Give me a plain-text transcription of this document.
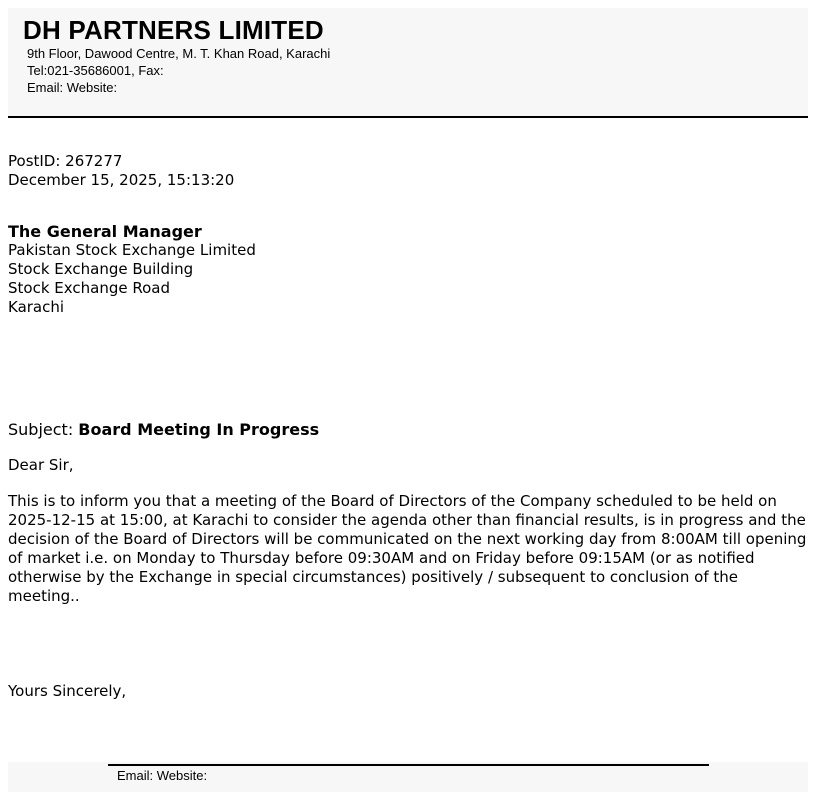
DH PARTNERS LIMITED
9th Floor, Dawood Centre, M. T. Khan Road, Karachi
Tel:021-35686001, Fax:
Email: Website:
PostID: 267277
December 15, 2025, 15:13:20
The General Manager
Pakistan Stock Exchange Limited
Stock Exchange Building
Stock Exchange Road
Karachi
Subject: Board Meeting In Progress
Dear Sir,
This is to inform you that a meeting of the Board of Directors of the Company scheduled to be held on 2025-12-15 at 15:00, at Karachi to consider the agenda other than financial results, is in progress and the decision of the Board of Directors will be communicated on the next working day from 8:00AM till opening of market i.e. on Monday to Thursday before 09:30AM and on Friday before 09:15AM (or as notified otherwise by the Exchange in special circumstances) positively / subsequent to conclusion of the meeting..
Yours Sincerely,
Email: Website:
